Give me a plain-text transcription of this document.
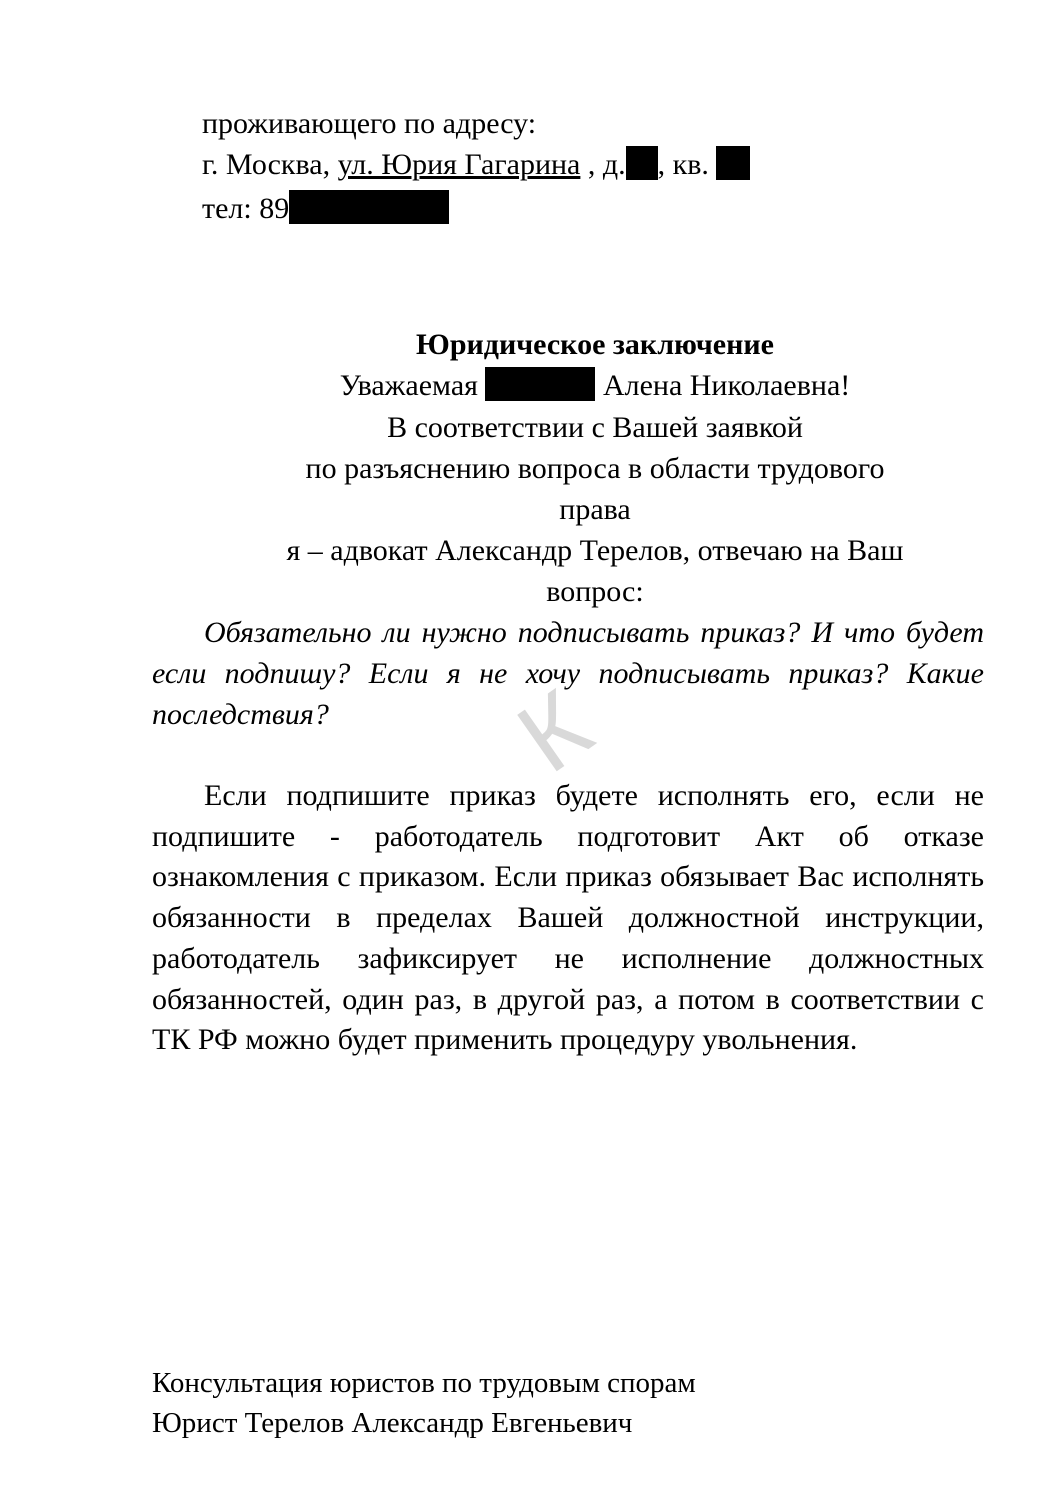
проживающего по адресу:
г. Москва, ул. Юрия Гагарина , д. , кв.
тел: 89
Юридическое заключение
Уважаемая	Алена Николаевна!
В соответствии с Вашей заявкой
по разъяснению вопроса в области трудового
права
я – адвокат Александр Терелов, отвечаю на Ваш
вопрос:
Обязательно ли нужно подписывать приказ? И что будет если подпишу? Если я не хочу подписывать приказ? Какие последствия?	К
Если подпишите приказ будете исполнять его, если не подпишите - работодатель подготовит Акт об отказе ознакомления с приказом. Если приказ обязывает Вас исполнять обязанности в пределах Вашей должностной инструкции, работодатель зафиксирует не исполнение должностных обязанностей, один раз, в другой раз, а потом в соответствии с ТК РФ можно будет применить процедуру увольнения.
Консультация юристов по трудовым спорам
Юрист Терелов Александр Евгеньевич
